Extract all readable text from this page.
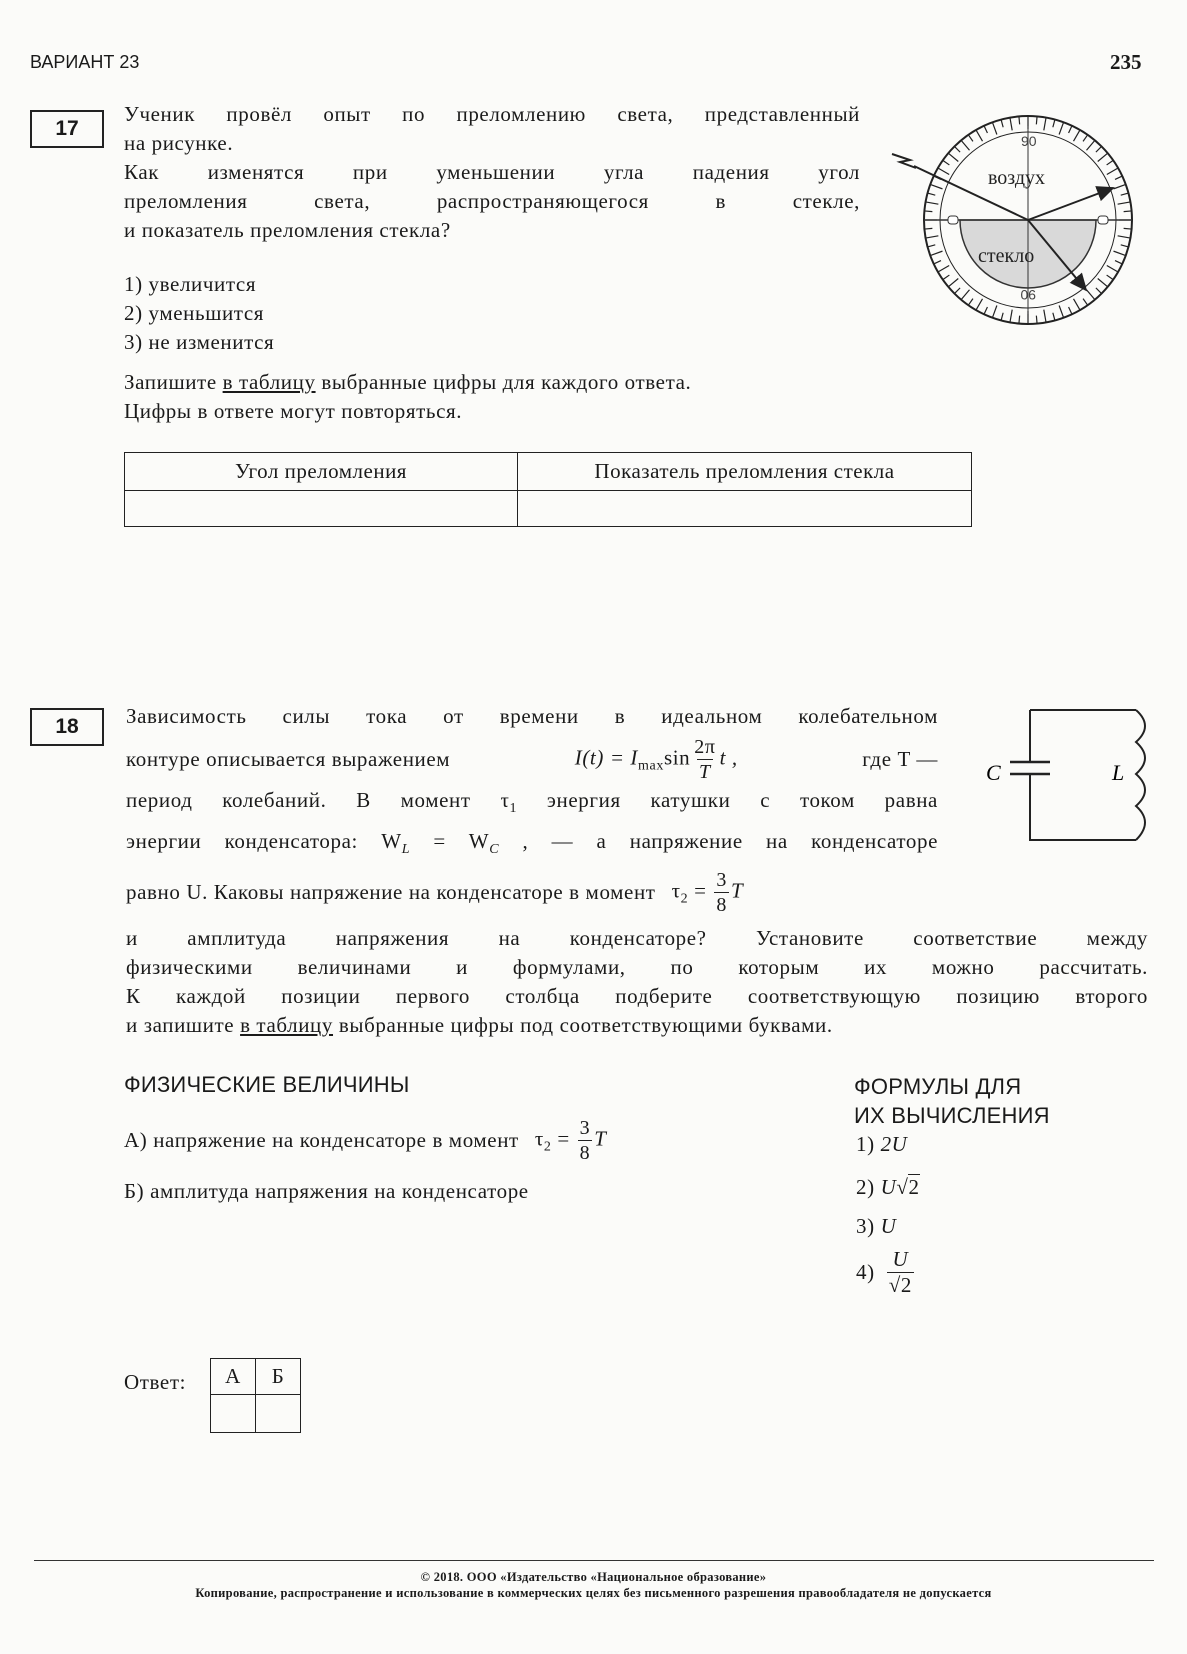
ВАРИАНТ 23	235
17
Ученик провёл опыт по преломлению света, представленный
на рисунке.
Как изменятся при уменьшении угла падения угол
преломления света, распространяющегося в стекле,
и показатель преломления стекла?
1) увеличится
2) уменьшится
3) не изменится
Запишите в таблицу выбранные цифры для каждого ответа.
Цифры в ответе могут повторяться.
Угол преломления	Показатель преломления стекла

90
90
воздух
стекло
18	Зависимость силы тока от времени в идеальном колебательном
контуре описывается выражением	$I(t) = I_{max}\sin \frac{2\pi}{T}$ t ,	где T —
период колебаний. В момент $\tau_1$ энергия катушки с током равна
энергии конденсатора: $W_L = W_C$ , — а напряжение на конденсаторе
равно U. Каковы напряжение на конденсаторе в момент $\tau_2 = \frac{3}{8}$ T
и амплитуда напряжения на конденсаторе? Установите соответствие между
физическими величинами и формулами, по которым их можно рассчитать.
К каждой позиции первого столбца подберите соответствующую позицию второго
и запишите в таблицу выбранные цифры под соответствующими буквами.
C	L
ФИЗИЧЕСКИЕ ВЕЛИЧИНЫ	ФОРМУЛЫ ДЛЯ
ИХ ВЫЧИСЛЕНИЯ
А) напряжение на конденсаторе в момент $\tau_2 = \frac{3}{8}$ T
Б) амплитуда напряжения на конденсаторе
1) 2U
2) U√2
3) U
$4) \frac{U}{√2}$
Ответ: А	Б

© 2018. ООО «Издательство «Национальное образование»
Копирование, распространение и использование в коммерческих целях без письменного разрешения правообладателя не допускается
